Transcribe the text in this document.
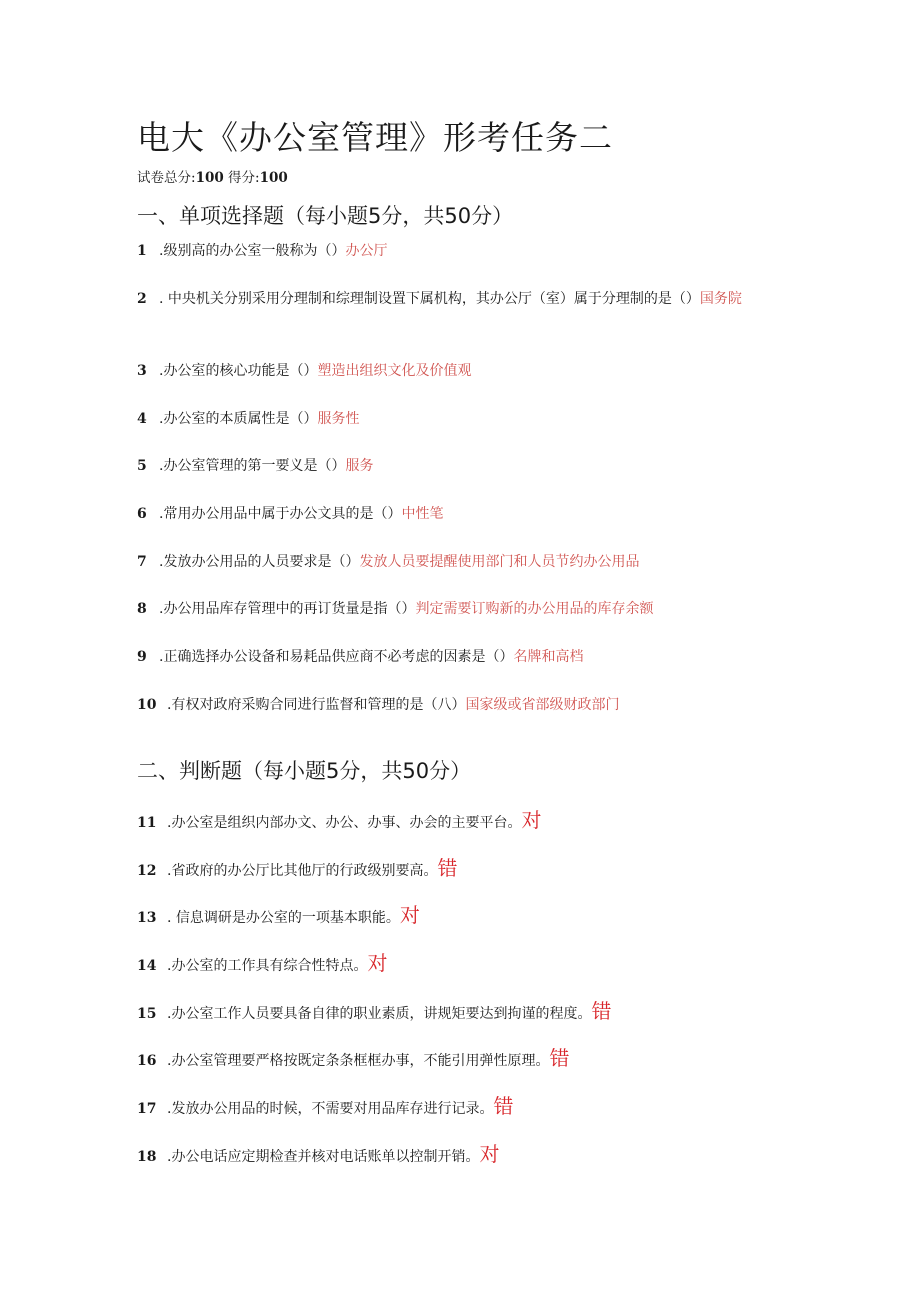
电大《办公室管理》形考任务二
试卷总分:100 得分:100
一、单项选择题（每小题5分，共50分）
1 .级别高的办公室一般称为（）办公厅
2 . 中央机关分别采用分理制和综理制设置下属机构，其办公厅（室）属于分理制的是（）国务院
3 .办公室的核心功能是（）塑造出组织文化及价值观
4 .办公室的本质属性是（）服务性
5 .办公室管理的第一要义是（）服务
6 .常用办公用品中属于办公文具的是（）中性笔
7 .发放办公用品的人员要求是（）发放人员要提醒使用部门和人员节约办公用品
8 .办公用品库存管理中的再订货量是指（）判定需要订购新的办公用品的库存余额
9 .正确选择办公设备和易耗品供应商不必考虑的因素是（）名牌和高档
10 .有权对政府采购合同进行监督和管理的是（八）国家级或省部级财政部门
二、判断题（每小题5分，共50分）
11 .办公室是组织内部办文、办公、办事、办会的主要平台。对
12 .省政府的办公厅比其他厅的行政级别要高。错
13 . 信息调研是办公室的一项基本职能。对
14 .办公室的工作具有综合性特点。对
15 .办公室工作人员要具备自律的职业素质，讲规矩要达到拘谨的程度。错
16 .办公室管理要严格按既定条条框框办事，不能引用弹性原理。错
17 .发放办公用品的时候，不需要对用品库存进行记录。错
18 .办公电话应定期检查并核对电话账单以控制开销。对
